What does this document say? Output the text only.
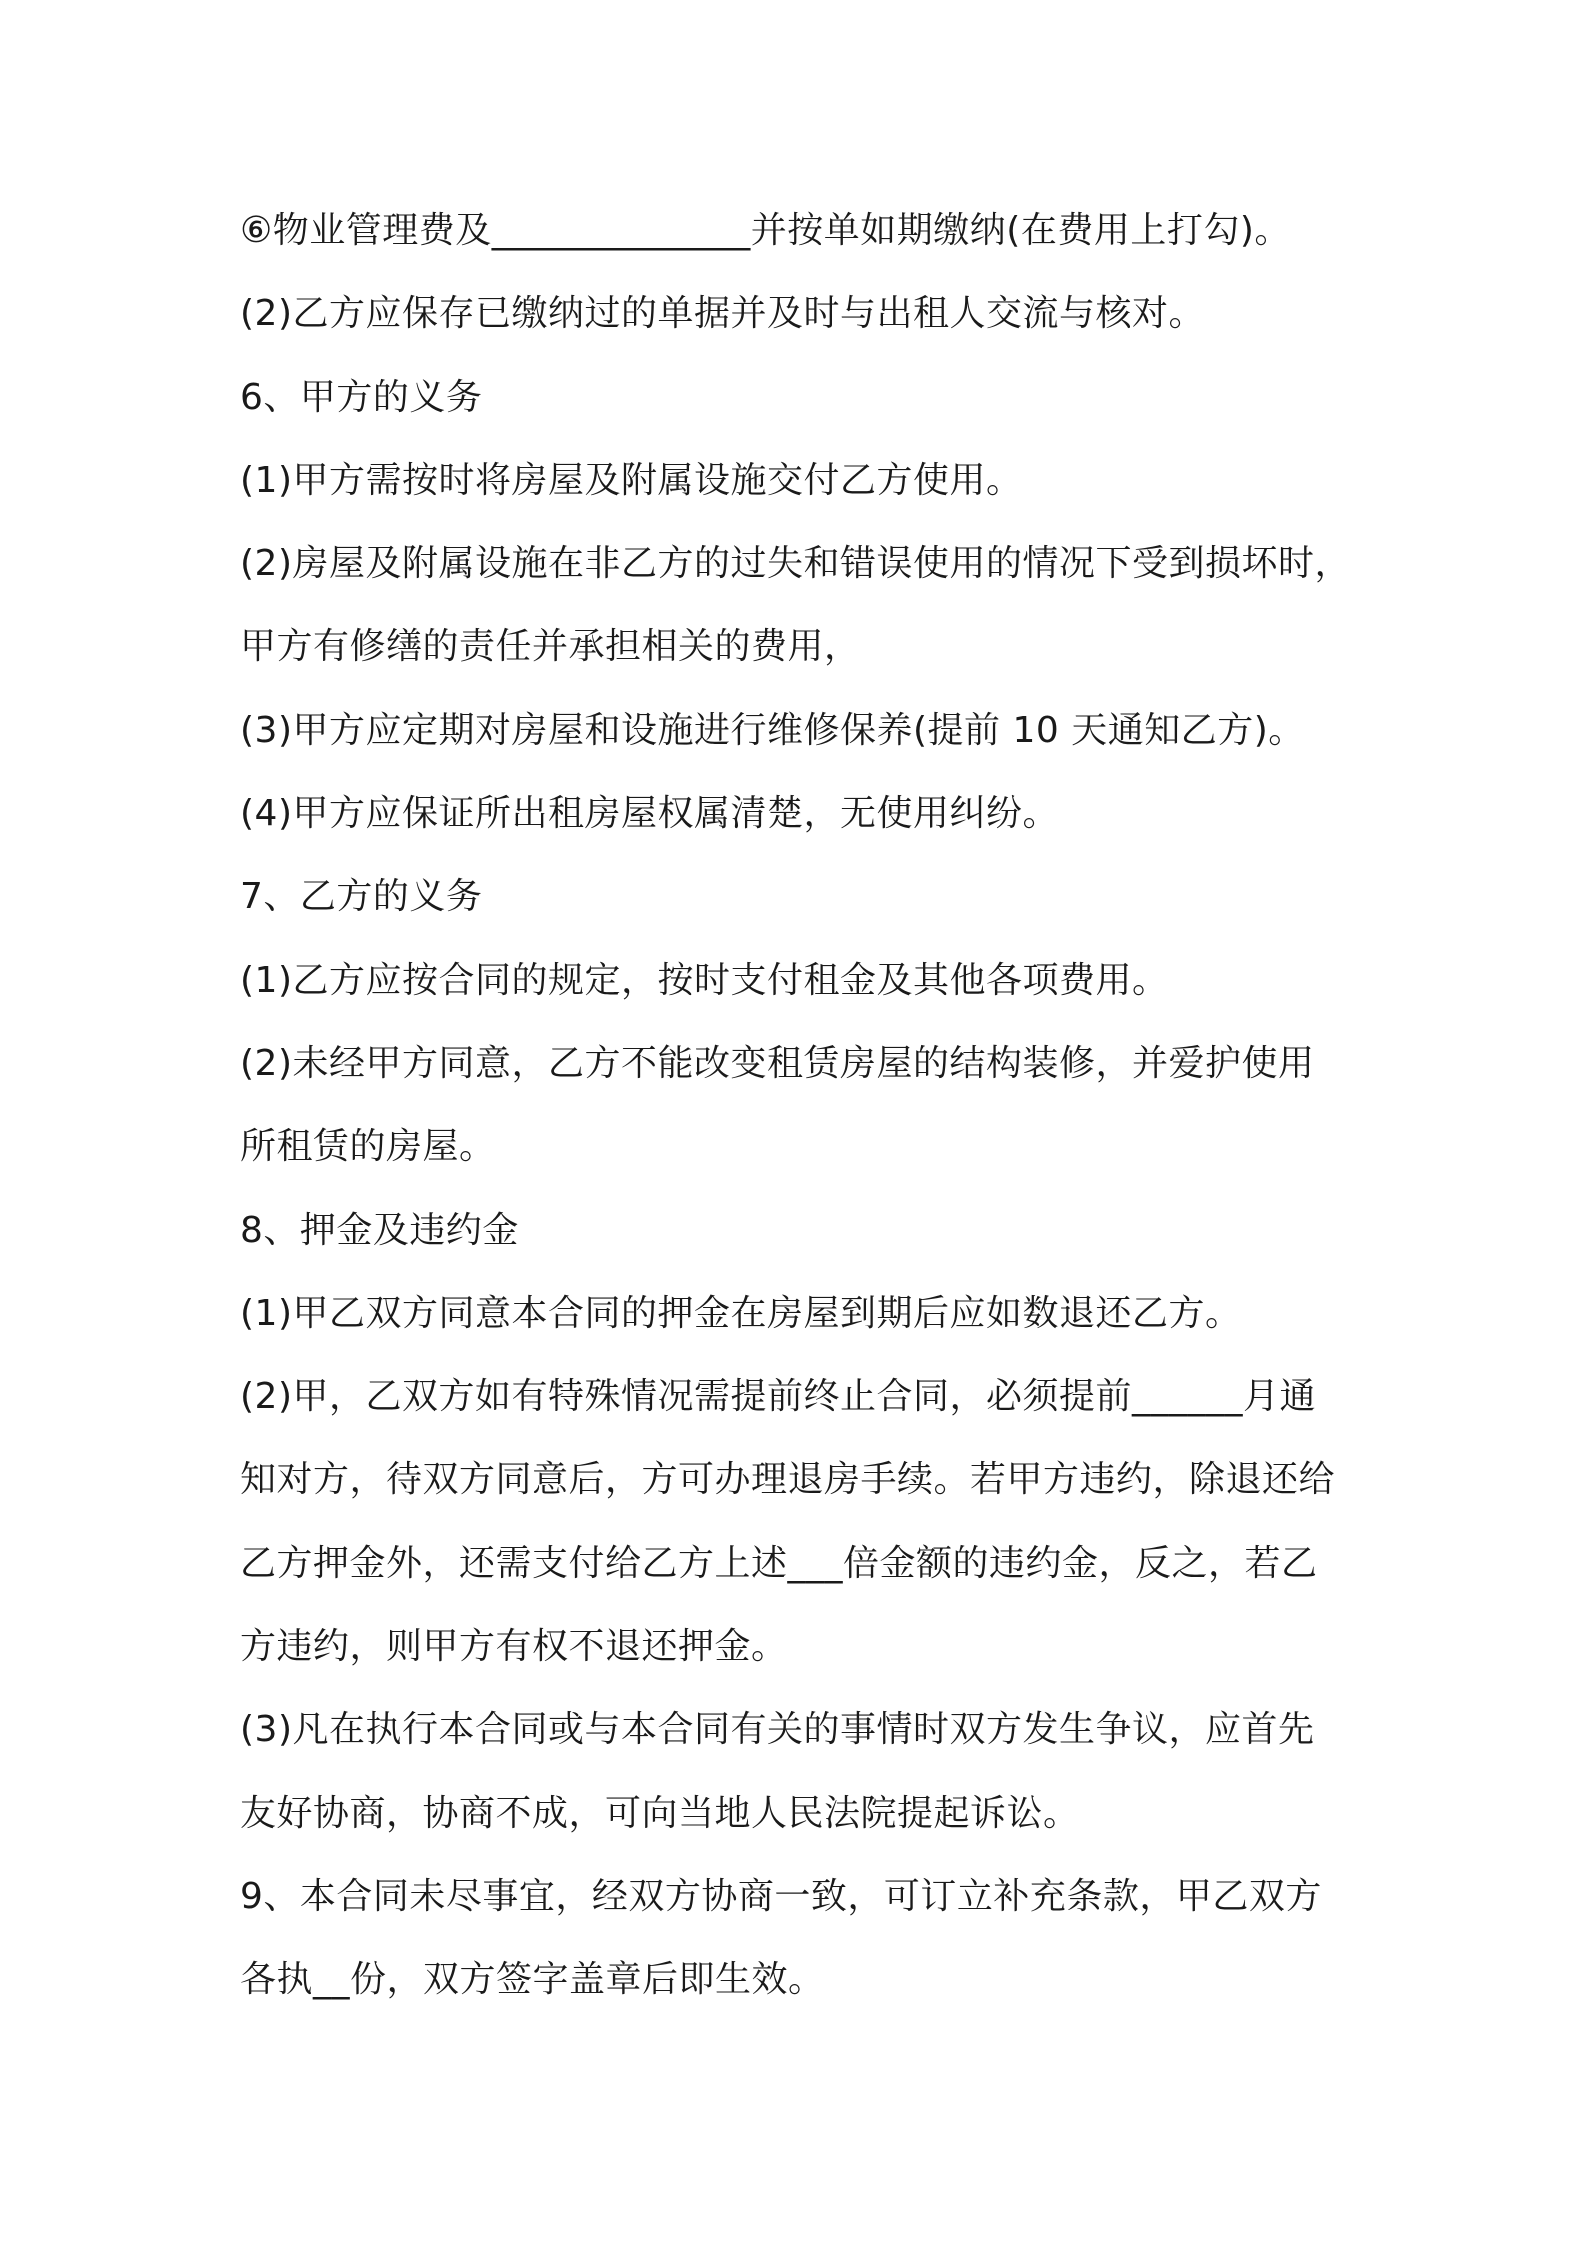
⑥物业管理费及______________并按单如期缴纳(在费用上打勾)。
(2)乙方应保存已缴纳过的单据并及时与出租人交流与核对。
6、甲方的义务
(1)甲方需按时将房屋及附属设施交付乙方使用。
(2)房屋及附属设施在非乙方的过失和错误使用的情况下受到损坏时，
甲方有修缮的责任并承担相关的费用，
(3)甲方应定期对房屋和设施进行维修保养(提前 10 天通知乙方)。
(4)甲方应保证所出租房屋权属清楚，无使用纠纷。
7、乙方的义务
(1)乙方应按合同的规定，按时支付租金及其他各项费用。
(2)未经甲方同意，乙方不能改变租赁房屋的结构装修，并爱护使用
所租赁的房屋。
8、押金及违约金
(1)甲乙双方同意本合同的押金在房屋到期后应如数退还乙方。
(2)甲，乙双方如有特殊情况需提前终止合同，必须提前______月通
知对方，待双方同意后，方可办理退房手续。若甲方违约，除退还给
乙方押金外，还需支付给乙方上述___倍金额的违约金，反之，若乙
方违约，则甲方有权不退还押金。
(3)凡在执行本合同或与本合同有关的事情时双方发生争议，应首先
友好协商，协商不成，可向当地人民法院提起诉讼。
9、本合同未尽事宜，经双方协商一致，可订立补充条款，甲乙双方
各执__份，双方签字盖章后即生效。
